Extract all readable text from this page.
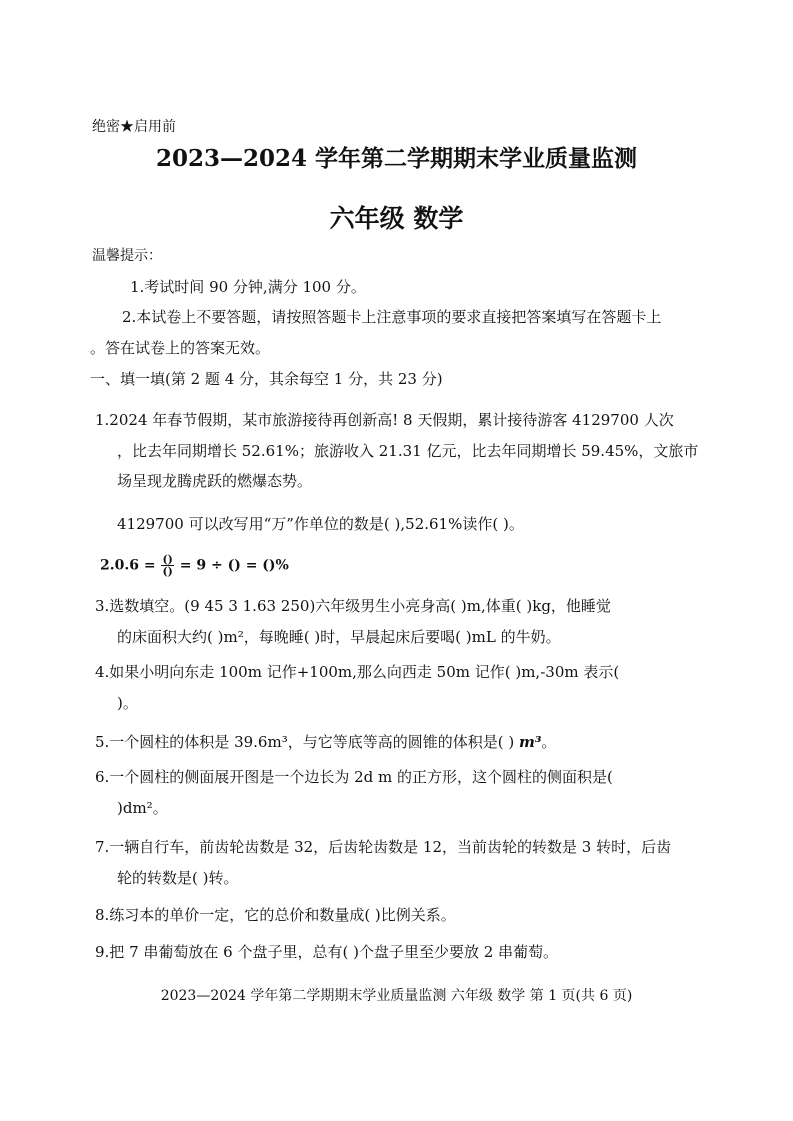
绝密★启用前
2023—2024 学年第二学期期末学业质量监测
六年级 数学
温馨提示：
1.考试时间 90 分钟,满分 100 分。
2.本试卷上不要答题，请按照答题卡上注意事项的要求直接把答案填写在答题卡上
。答在试卷上的答案无效。
一、填一填(第 2 题 4 分，其余每空 1 分，共 23 分)
1.2024 年春节假期，某市旅游接待再创新高! 8 天假期，累计接待游客 4129700 人次
，比去年同期增长 52.61%；旅游收入 21.31 亿元，比去年同期增长 59.45%，文旅市
场呈现龙腾虎跃的燃爆态势。
4129700 可以改写用“万”作单位的数是( ),52.61%读作( )。
$2.0.6 = \frac{()}{()} = 9$ ÷ () = ()%
3.选数填空。(9 45 3 1.63 250)六年级男生小亮身高( )m,体重( )kg，他睡觉
的床面积大约( )m²，每晚睡( )时，早晨起床后要喝( )mL 的牛奶。
4.如果小明向东走 100m 记作+100m,那么向西走 50m 记作( )m,-30m 表示(
)。
5.一个圆柱的体积是 39.6m³，与它等底等高的圆锥的体积是( ) m³。
6.一个圆柱的侧面展开图是一个边长为 2d m 的正方形，这个圆柱的侧面积是(
)dm²。
7.一辆自行车，前齿轮齿数是 32，后齿轮齿数是 12，当前齿轮的转数是 3 转时，后齿
轮的转数是( )转。
8.练习本的单价一定，它的总价和数量成( )比例关系。
9.把 7 串葡萄放在 6 个盘子里，总有( )个盘子里至少要放 2 串葡萄。
2023—2024 学年第二学期期末学业质量监测 六年级 数学 第 1 页(共 6 页)
